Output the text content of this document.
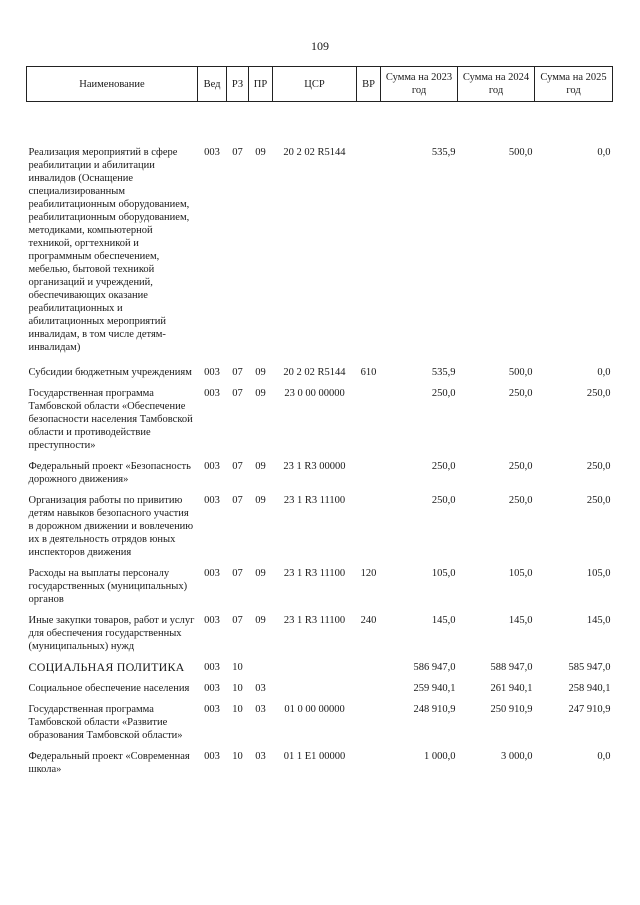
109
Наименование	Вед	РЗ	ПР	ЦСР	ВР	Сумма на 2023 год	Сумма на 2024 год	Сумма на 2025 год
Реализация мероприятий в сфере реабилитации и абилитации инвалидов (Оснащение специализированным реабилитационным оборудованием, реабилитационным оборудованием, методиками, компьютерной техникой, оргтехникой и программным обеспечением, мебелью, бытовой техникой организаций и учреждений, обеспечивающих оказание реабилитационных и абилитационных мероприятий инвалидам, в том числе детям-инвалидам)	003	07	09	20 2 02 R5144		535,9	500,0	0,0
Субсидии бюджетным учреждениям	003	07	09	20 2 02 R5144	610	535,9	500,0	0,0
Государственная программа Тамбовской области «Обеспечение безопасности населения Тамбовской области и противодействие преступности»	003	07	09	23 0 00 00000		250,0	250,0	250,0
Федеральный проект «Безопасность дорожного движения»	003	07	09	23 1 R3 00000		250,0	250,0	250,0
Организация работы по привитию детям навыков безопасного участия в дорожном движении и вовлечению их в деятельность отрядов юных инспекторов движения	003	07	09	23 1 R3 11100		250,0	250,0	250,0
Расходы на выплаты персоналу государственных (муниципальных) органов	003	07	09	23 1 R3 11100	120	105,0	105,0	105,0
Иные закупки товаров, работ и услуг для обеспечения государственных (муниципальных) нужд	003	07	09	23 1 R3 11100	240	145,0	145,0	145,0
СОЦИАЛЬНАЯ ПОЛИТИКА	003	10				586 947,0	588 947,0	585 947,0
Социальное обеспечение населения	003	10	03			259 940,1	261 940,1	258 940,1
Государственная программа Тамбовской области «Развитие образования Тамбовской области»	003	10	03	01 0 00 00000		248 910,9	250 910,9	247 910,9
Федеральный проект «Современная школа»	003	10	03	01 1 E1 00000		1 000,0	3 000,0	0,0
